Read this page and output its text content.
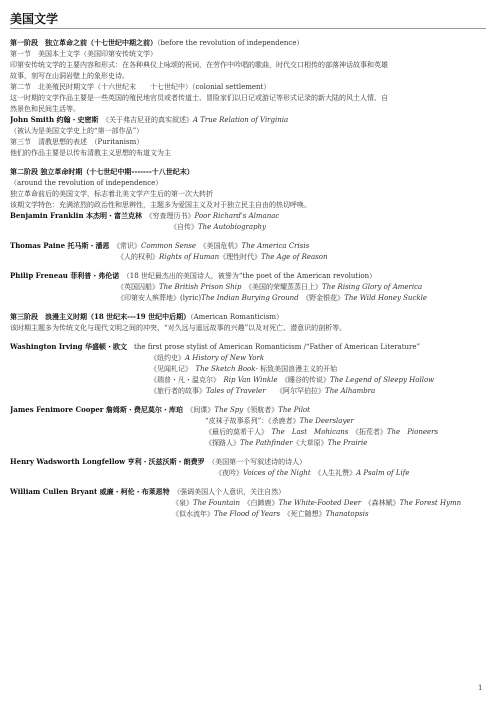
美国文学
第一阶段　独立革命之前（十七世纪中期之前）（before the revolution of independence）
第一节　美国本土文学（美国印第安传统文学）
印第安传统文学的主要内容和形式：在各种典仪上咏颂的祝词，在劳作中吟唱的歌曲，时代交口相传的部落神话故事和英雄
故事，刻写在山洞岩壁上的象形史诗。
第二节　北美殖民时期文学（十六世纪末　　十七世纪中）（colonial settlement）
这一时期的文学作品主要是一些英国的殖民地官员或者传道士、冒险家们以日记或游记等形式记录的新大陆的风土人情、自
然景色和民间生活等。
John Smith 约翰・史密斯　《关于弗吉尼亚的真实叙述》A True Relation of Virginia
（被认为是美国文学史上的“第一部作品”）
第三节　清教思想的表述　（Puritanism）
他们的作品主要是以传布清教主义思想的布道文为主
第二阶段 独立革命时期（十七世纪中期-------十八世纪末）
（around the revolution of independence）
独立革命前后的美国文学，标志着北美文学产生后的第一次大转折
该期文学特色：充满浓烈的政治性和思辨性，主题多为爱国主义及对于独立民主自由的热切呼唤。
Benjamin Franklin 本杰明・富兰克林　《穷查理历书》Poor Richard's Almanac
《自传》The Autobiography
Thomas Paine 托马斯・潘恩　《常识》Common Sense　《美国危机》The America Crisis
《人的权利》Rights of Human《理性时代》The Age of Reason
Philip Freneau 菲利普・弗伦诺　（18 世纪最杰出的美国诗人，被誉为“the poet of the American revolution）
《英国囚船》The British Prison Ship　《美国的荣耀蒸蒸日上》The Rising Glory of America
《印第安人殡葬地》(lyric)The Indian Burying Ground　《野金银花》The Wild Honey Suckle
第三阶段　浪漫主义时期（18 世纪末---19 世纪中后期）（American Romanticism）
该时期主题多为传统文化与现代文明之间的冲突、“对久远与遥远故事的兴趣”以及对死亡、潜意识的剖析等。
Washington Irving 华盛顿・欧文　the first prose stylist of American Romanticism /“Father of American Literature”
《纽约史》A History of New York
《见闻札记》　The Sketch Book- 标致美国浪漫主义的开始
《瑞普・凡・温克尔》　Rip Van Winkle　《睡谷的传说》The Legend of Sleepy Hollow
《旅行者的故事》Tales of Traveler　　《阿尔罕伯拉》The Alhambra
James Fenimore Cooper 詹姆斯・费尼莫尔・库珀　《间谍》The Spy《领航者》The Pilot
“皮袜子故事系列”：《杀鹿者》The Deerslayer
《最后的莫希干人》　The　Last　Mohicans　《拓荒者》The　Pioneers
《探路人》The Pathfinder《大草原》The Prairie
Henry Wadsworth Longfellow 亨利・沃兹沃斯・朗费罗　（美国第一个写叙述诗的诗人）
《夜吟》Voices of the Night　《人生礼赞》A Psalm of Life
William Cullen Bryant 威廉・柯伦・布莱恩特　（强调美国人个人意识，关注自然）
《泉》The Fountain　《白蹄鹿》The White-Footed Deer　《森林赋》The Forest Hymn
《似水流年》The Flood of Years　《死亡随想》Thanatopsis
1
